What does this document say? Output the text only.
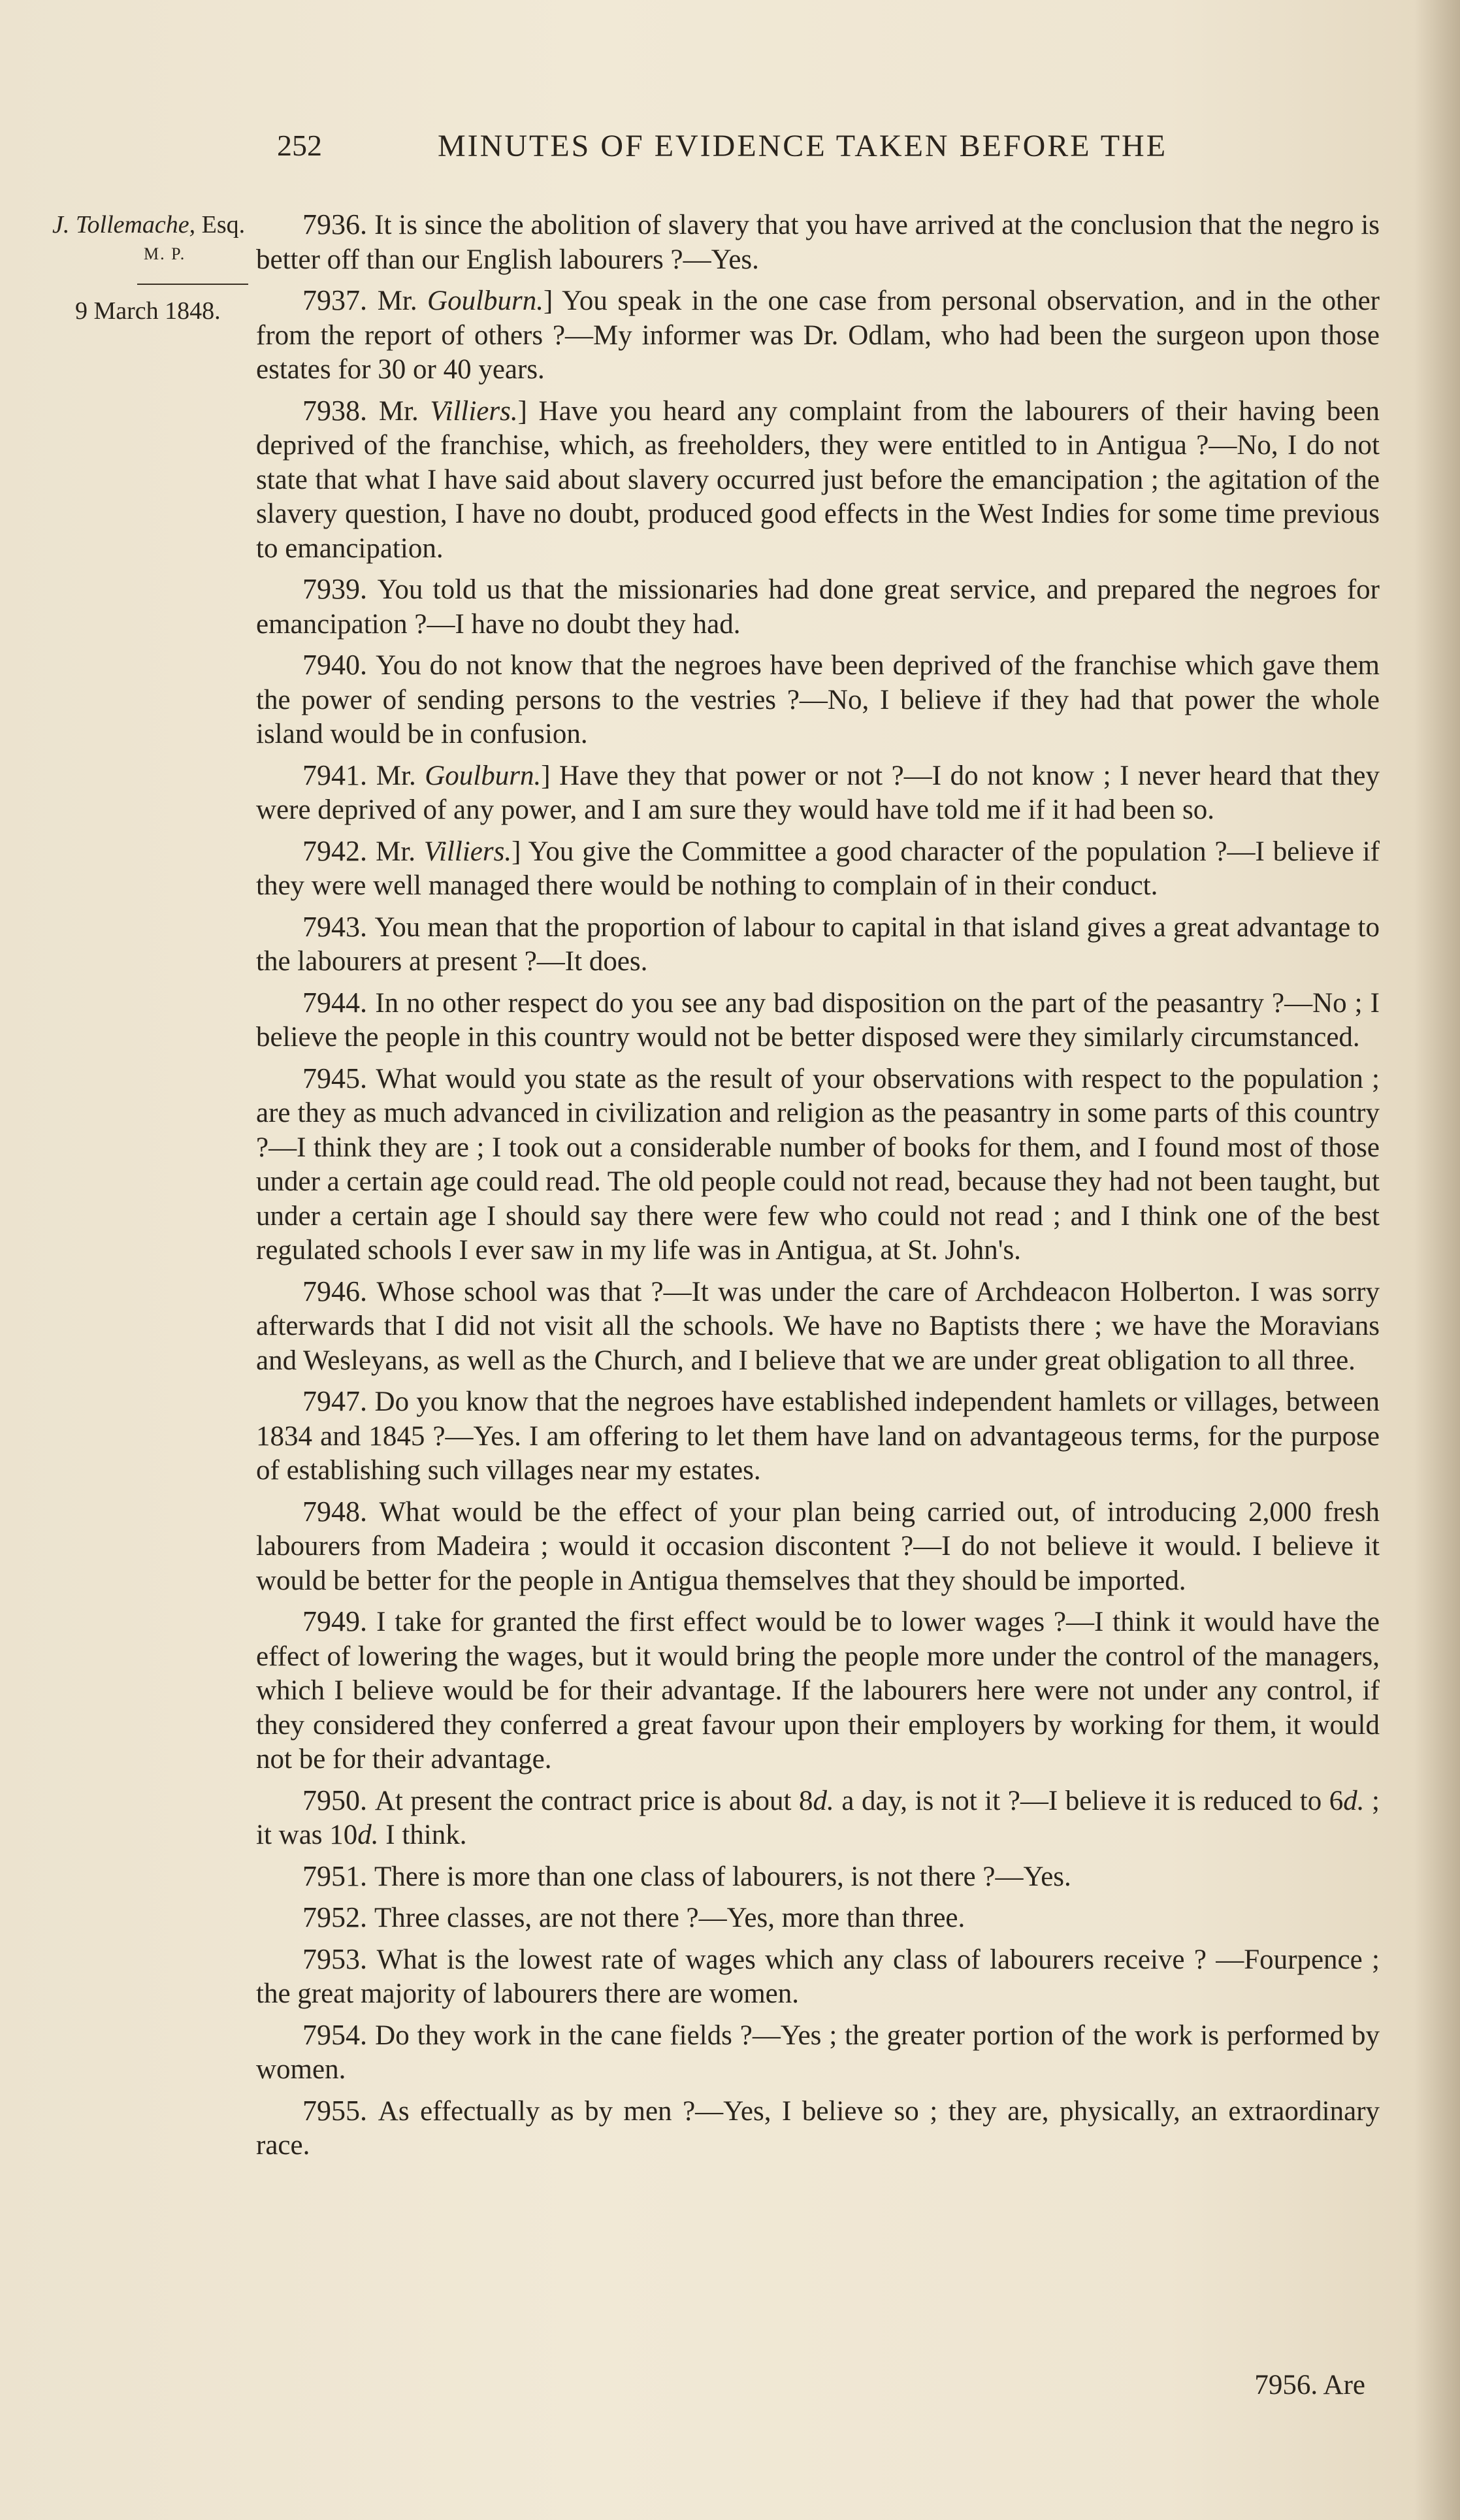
252	MINUTES OF EVIDENCE TAKEN BEFORE THE
J. Tollemache, Esq.
M. P.
9 March 1848.

7936. It is since the abolition of slavery that you have arrived at the conclusion that the negro is better off than our English labourers ?—Yes.

7937. Mr. Goulburn.] You speak in the one case from personal observation, and in the other from the report of others ?—My informer was Dr. Odlam, who had been the surgeon upon those estates for 30 or 40 years.

7938. Mr. Villiers.] Have you heard any complaint from the labourers of their having been deprived of the franchise, which, as freeholders, they were entitled to in Antigua ?—No, I do not state that what I have said about slavery occurred just before the emancipation ; the agitation of the slavery question, I have no doubt, produced good effects in the West Indies for some time previous to emancipation.

7939. You told us that the missionaries had done great service, and prepared the negroes for emancipation ?—I have no doubt they had.

7940. You do not know that the negroes have been deprived of the franchise which gave them the power of sending persons to the vestries ?—No, I believe if they had that power the whole island would be in confusion.

7941. Mr. Goulburn.] Have they that power or not ?—I do not know ; I never heard that they were deprived of any power, and I am sure they would have told me if it had been so.

7942. Mr. Villiers.] You give the Committee a good character of the population ?—I believe if they were well managed there would be nothing to complain of in their conduct.

7943. You mean that the proportion of labour to capital in that island gives a great advantage to the labourers at present ?—It does.

7944. In no other respect do you see any bad disposition on the part of the peasantry ?—No ; I believe the people in this country would not be better disposed were they similarly circumstanced.

7945. What would you state as the result of your observations with respect to the population ; are they as much advanced in civilization and religion as the peasantry in some parts of this country ?—I think they are ; I took out a considerable number of books for them, and I found most of those under a certain age could read. The old people could not read, because they had not been taught, but under a certain age I should say there were few who could not read ; and I think one of the best regulated schools I ever saw in my life was in Antigua, at St. John's.

7946. Whose school was that ?—It was under the care of Archdeacon Holberton. I was sorry afterwards that I did not visit all the schools. We have no Baptists there ; we have the Moravians and Wesleyans, as well as the Church, and I believe that we are under great obligation to all three.

7947. Do you know that the negroes have established independent hamlets or villages, between 1834 and 1845 ?—Yes. I am offering to let them have land on advantageous terms, for the purpose of establishing such villages near my estates.

7948. What would be the effect of your plan being carried out, of introducing 2,000 fresh labourers from Madeira ; would it occasion discontent ?—I do not believe it would. I believe it would be better for the people in Antigua themselves that they should be imported.

7949. I take for granted the first effect would be to lower wages ?—I think it would have the effect of lowering the wages, but it would bring the people more under the control of the managers, which I believe would be for their advantage. If the labourers here were not under any control, if they considered they conferred a great favour upon their employers by working for them, it would not be for their advantage.

7950. At present the contract price is about 8d. a day, is not it ?—I believe it is reduced to 6d. ; it was 10d. I think.

7951. There is more than one class of labourers, is not there ?—Yes.

7952. Three classes, are not there ?—Yes, more than three.

7953. What is the lowest rate of wages which any class of labourers receive ? —Fourpence ; the great majority of labourers there are women.

7954. Do they work in the cane fields ?—Yes ; the greater portion of the work is performed by women.

7955. As effectually as by men ?—Yes, I believe so ; they are, physically, an extraordinary race.

7956. Are
